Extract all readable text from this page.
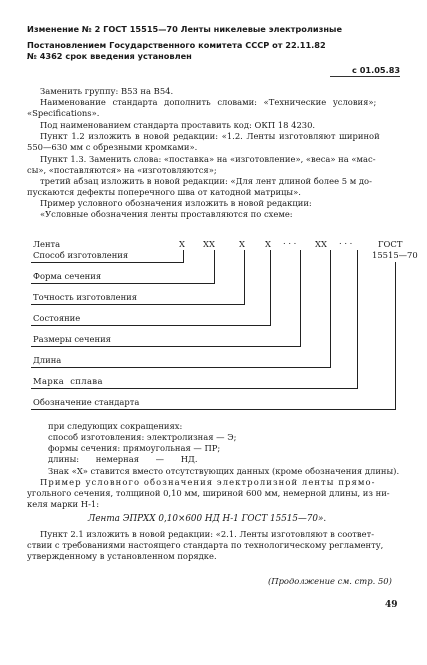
Изменение № 2 ГОСТ 15515—70 Ленты никелевые электролизные
Постановлением Государственного комитета СССР от 22.11.82
№ 4362 срок введения установлен
с 01.05.83
Заменить группу: В53 на В54.
Наименование стандарта дополнить словами: «Технические условия»;
«Specifications».
Под наименованием стандарта проставить код: ОКП 18 4230.
Пункт 1.2 изложить в новой редакции: «1.2. Ленты изготовляют шириной
550—630 мм с обрезными кромками».
Пункт 1.3. Заменить слова: «поставка» на «изготовление», «веса» на «мас-
сы», «поставляются» на «изготовляются»;
третий абзац изложить в новой редакции: «Для лент длиной более 5 м до-
пускаются дефекты поперечного шва от катодной матрицы».
Пример условного обозначения изложить в новой редакции:
«Условные обозначения ленты проставляются по схеме:
Лента	Х ХХ	Х Х . . . ХХ . . .	ГОСТ
15515—70
Способ изготовления
Форма сечения
Точность изготовления
Состояние
Размеры сечения
Длина
Марка сплава
Обозначение стандарта
при следующих сокращениях:
способ изготовления: электролизная — Э;
формы сечения: прямоугольная — ПР;
длины: немерная — НД.
Знак «Х» ставится вместо отсутствующих данных (кроме обозначения длины).
Пример условного обозначения электролизной ленты прямо-
угольного сечения, толщиной 0,10 мм, шириной 600 мм, немерной длины, из ни-
келя марки Н-1:
Лента ЭПРХХ 0,10×600 НД Н-1 ГОСТ 15515—70».
Пункт 2.1 изложить в новой редакции: «2.1. Ленты изготовляют в соответ-
ствии с требованиями настоящего стандарта по технологическому регламенту,
утвержденному в установленном порядке.
(Продолжение см. стр. 50)
49
